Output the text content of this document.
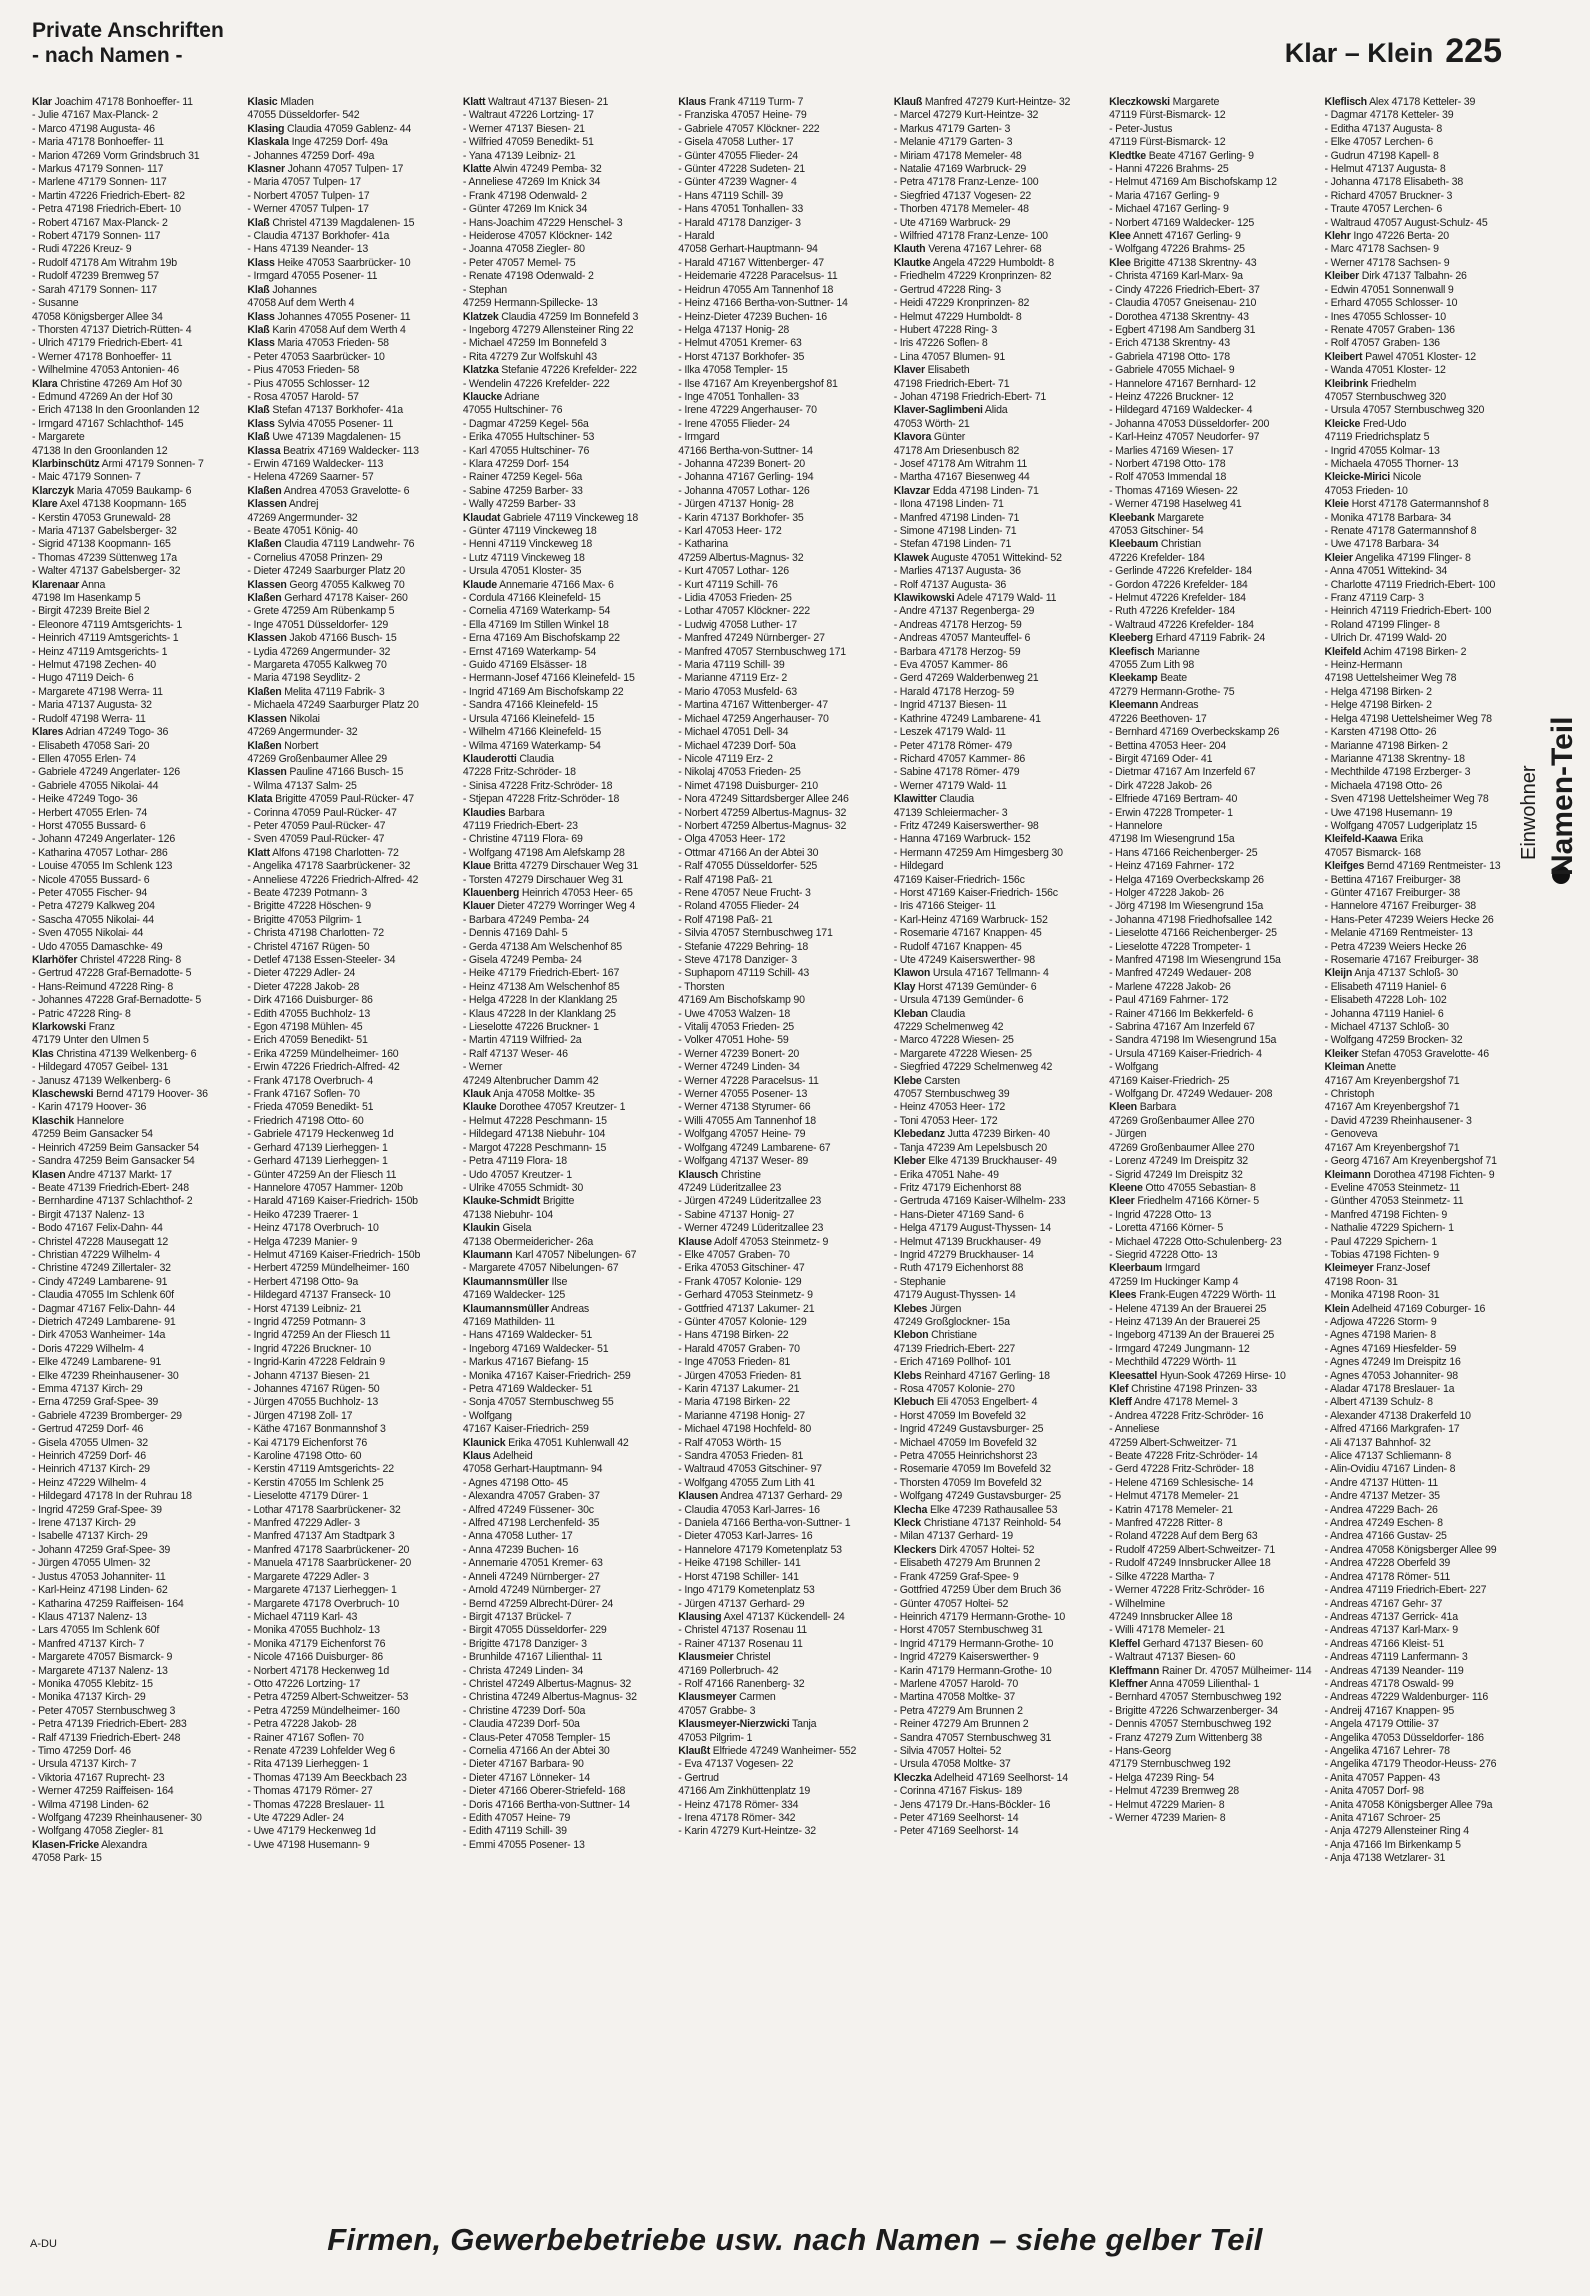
Private Anschriften
- nach Namen -	Klar – Klein 225
Klar Joachim 47178 Bonhoeffer- 11
- Julie 47167 Max-Planck- 2
- Marco 47198 Augusta- 46
- Maria 47178 Bonhoeffer- 11
- Marion 47269 Vorm Grindsbruch 31
- Markus 47179 Sonnen- 117
- Marlene 47179 Sonnen- 117
- Martin 47226 Friedrich-Ebert- 82
- Petra 47198 Friedrich-Ebert- 10
- Robert 47167 Max-Planck- 2
- Robert 47179 Sonnen- 117
- Rudi 47226 Kreuz- 9
- Rudolf 47178 Am Witrahm 19b
- Rudolf 47239 Bremweg 57
- Sarah 47179 Sonnen- 117
- Susanne
47058 Königsberger Allee 34
- Thorsten 47137 Dietrich-Rütten- 4
- Ulrich 47179 Friedrich-Ebert- 41
- Werner 47178 Bonhoeffer- 11
- Wilhelmine 47053 Antonien- 46
Klara Christine 47269 Am Hof 30
- Edmund 47269 An der Hof 30
- Erich 47138 In den Groonlanden 12
- Irmgard 47167 Schlachthof- 145
- Margarete
47138 In den Groonlanden 12
Klarbinschütz Armi 47179 Sonnen- 7
- Maic 47179 Sonnen- 7
Klarczyk Maria 47059 Baukamp- 6
Klare Axel 47138 Koopmann- 165
- Kerstin 47053 Grunewald- 28
- Maria 47137 Gabelsberger- 32
- Sigrid 47138 Koopmann- 165
- Thomas 47239 Süttenweg 17a
- Walter 47137 Gabelsberger- 32
Klarenaar Anna
47198 Im Hasenkamp 5
- Birgit 47239 Breite Biel 2
- Eleonore 47119 Amtsgerichts- 1
- Heinrich 47119 Amtsgerichts- 1
- Heinz 47119 Amtsgerichts- 1
- Helmut 47198 Zechen- 40
- Hugo 47119 Deich- 6
- Margarete 47198 Werra- 11
- Maria 47137 Augusta- 32
- Rudolf 47198 Werra- 11
Klares Adrian 47249 Togo- 36
- Elisabeth 47058 Sari- 20
- Ellen 47055 Erlen- 74
- Gabriele 47249 Angerlater- 126
- Gabriele 47055 Nikolai- 44
- Heike 47249 Togo- 36
- Herbert 47055 Erlen- 74
- Horst 47055 Bussard- 6
- Johann 47249 Angerlater- 126
- Katharina 47057 Lothar- 286
- Louise 47055 Im Schlenk 123
- Nicole 47055 Bussard- 6
- Peter 47055 Fischer- 94
- Petra 47279 Kalkweg 204
- Sascha 47055 Nikolai- 44
- Sven 47055 Nikolai- 44
- Udo 47055 Damaschke- 49
Klarhöfer Christel 47228 Ring- 8
- Gertrud 47228 Graf-Bernadotte- 5
- Hans-Reimund 47228 Ring- 8
- Johannes 47228 Graf-Bernadotte- 5
- Patric 47228 Ring- 8
Klarkowski Franz
47179 Unter den Ulmen 5
Klas Christina 47139 Welkenberg- 6
- Hildegard 47057 Geibel- 131
- Janusz 47139 Welkenberg- 6
Klaschewski Bernd 47179 Hoover- 36
- Karin 47179 Hoover- 36
Klaschik Hannelore
47259 Beim Gansacker 54
- Heinrich 47259 Beim Gansacker 54
- Sandra 47259 Beim Gansacker 54
Klasen Andre 47137 Markt- 17
- Beate 47139 Friedrich-Ebert- 248
- Bernhardine 47137 Schlachthof- 2
- Birgit 47137 Nalenz- 13
- Bodo 47167 Felix-Dahn- 44
- Christel 47228 Mausegatt 12
- Christian 47229 Wilhelm- 4
- Christine 47249 Zillertaler- 32
- Cindy 47249 Lambarene- 91
- Claudia 47055 Im Schlenk 60f
- Dagmar 47167 Felix-Dahn- 44
- Dietrich 47249 Lambarene- 91
- Dirk 47053 Wanheimer- 14a
- Doris 47229 Wilhelm- 4
- Elke 47249 Lambarene- 91
- Elke 47239 Rheinhausener- 30
- Emma 47137 Kirch- 29
- Erna 47259 Graf-Spee- 39
- Gabriele 47239 Bromberger- 29
- Gertrud 47259 Dorf- 46
- Gisela 47055 Ulmen- 32
- Heinrich 47259 Dorf- 46
- Heinrich 47137 Kirch- 29
- Heinz 47229 Wilhelm- 4
- Hildegard 47178 In der Ruhrau 18
- Ingrid 47259 Graf-Spee- 39
- Irene 47137 Kirch- 29
- Isabelle 47137 Kirch- 29
- Johann 47259 Graf-Spee- 39
- Jürgen 47055 Ulmen- 32
- Justus 47053 Johanniter- 11
- Karl-Heinz 47198 Linden- 62
- Katharina 47259 Raiffeisen- 164
- Klaus 47137 Nalenz- 13
- Lars 47055 Im Schlenk 60f
- Manfred 47137 Kirch- 7
- Margarete 47057 Bismarck- 9
- Margarete 47137 Nalenz- 13
- Monika 47055 Klebitz- 15
- Monika 47137 Kirch- 29
- Peter 47057 Sternbuschweg 3
- Petra 47139 Friedrich-Ebert- 283
- Ralf 47139 Friedrich-Ebert- 248
- Timo 47259 Dorf- 46
- Ursula 47137 Kirch- 7
- Viktoria 47167 Ruprecht- 23
- Werner 47259 Raiffeisen- 164
- Wilma 47198 Linden- 62
- Wolfgang 47239 Rheinhausener- 30
- Wolfgang 47058 Ziegler- 81
Klasen-Fricke Alexandra
47058 Park- 15
Klasic Mladen
47055 Düsseldorfer- 542
Klasing Claudia 47059 Gablenz- 44
Klaskala Inge 47259 Dorf- 49a
- Johannes 47259 Dorf- 49a
Klasner Johann 47057 Tulpen- 17
- Maria 47057 Tulpen- 17
- Norbert 47057 Tulpen- 17
- Werner 47057 Tulpen- 17
Klaß Christel 47139 Magdalenen- 15
- Claudia 47137 Borkhofer- 41a
- Hans 47139 Neander- 13
Klass Heike 47053 Saarbrücker- 10
- Irmgard 47055 Posener- 11
Klaß Johannes
47058 Auf dem Werth 4
Klass Johannes 47055 Posener- 11
Klaß Karin 47058 Auf dem Werth 4
Klass Maria 47053 Frieden- 58
- Peter 47053 Saarbrücker- 10
- Pius 47053 Frieden- 58
- Pius 47055 Schlosser- 12
- Rosa 47057 Harold- 57
Klaß Stefan 47137 Borkhofer- 41a
Klass Sylvia 47055 Posener- 11
Klaß Uwe 47139 Magdalenen- 15
Klassa Beatrix 47169 Waldecker- 113
- Erwin 47169 Waldecker- 113
- Helena 47269 Saarner- 57
Klaßen Andrea 47053 Gravelotte- 6
Klassen Andrej
47269 Angermunder- 32
- Beate 47051 König- 40
Klaßen Claudia 47119 Landwehr- 76
- Cornelius 47058 Prinzen- 29
- Dieter 47249 Saarburger Platz 20
Klassen Georg 47055 Kalkweg 70
Klaßen Gerhard 47178 Kaiser- 260
- Grete 47259 Am Rübenkamp 5
- Inge 47051 Düsseldorfer- 129
Klassen Jakob 47166 Busch- 15
- Lydia 47269 Angermunder- 32
- Margareta 47055 Kalkweg 70
- Maria 47198 Seydlitz- 2
Klaßen Melita 47119 Fabrik- 3
- Michaela 47249 Saarburger Platz 20
Klassen Nikolai
47269 Angermunder- 32
Klaßen Norbert
47269 Großenbaumer Allee 29
Klassen Pauline 47166 Busch- 15
- Wilma 47137 Salm- 25
Klata Brigitte 47059 Paul-Rücker- 47
- Corinna 47059 Paul-Rücker- 47
- Peter 47059 Paul-Rücker- 47
- Sven 47059 Paul-Rücker- 47
Klatt Alfons 47198 Charlotten- 72
- Angelika 47178 Saarbrückener- 32
- Anneliese 47226 Friedrich-Alfred- 42
- Beate 47239 Potmann- 3
- Brigitte 47228 Höschen- 9
- Brigitte 47053 Pilgrim- 1
- Christa 47198 Charlotten- 72
- Christel 47167 Rügen- 50
- Detlef 47138 Essen-Steeler- 34
- Dieter 47229 Adler- 24
- Dieter 47228 Jakob- 28
- Dirk 47166 Duisburger- 86
- Edith 47055 Buchholz- 13
- Egon 47198 Mühlen- 45
- Erich 47059 Benedikt- 51
- Erika 47259 Mündelheimer- 160
- Erwin 47226 Friedrich-Alfred- 42
- Frank 47178 Overbruch- 4
- Frank 47167 Soflen- 70
- Frieda 47059 Benedikt- 51
- Friedrich 47198 Otto- 60
- Gabriele 47179 Heckenweg 1d
- Gerhard 47139 Lierheggen- 1
- Gerhard 47139 Lierheggen- 1
- Günter 47259 An der Fliesch 11
- Hannelore 47057 Hammer- 120b
- Harald 47169 Kaiser-Friedrich- 150b
- Heiko 47239 Traerer- 1
- Heinz 47178 Overbruch- 10
- Helga 47239 Manier- 9
- Helmut 47169 Kaiser-Friedrich- 150b
- Herbert 47259 Mündelheimer- 160
- Herbert 47198 Otto- 9a
- Hildegard 47137 Franseck- 10
- Horst 47139 Leibniz- 21
- Ingrid 47259 Potmann- 3
- Ingrid 47259 An der Fliesch 11
- Ingrid 47226 Bruckner- 10
- Ingrid-Karin 47228 Feldrain 9
- Johann 47137 Biesen- 21
- Johannes 47167 Rügen- 50
- Jürgen 47055 Buchholz- 13
- Jürgen 47198 Zoll- 17
- Käthe 47167 Bonmannshof 3
- Kai 47179 Eichenforst 76
- Karoline 47198 Otto- 60
- Kerstin 47119 Amtsgerichts- 22
- Kerstin 47055 Im Schlenk 25
- Lieselotte 47179 Dürer- 1
- Lothar 47178 Saarbrückener- 32
- Manfred 47229 Adler- 3
- Manfred 47137 Am Stadtpark 3
- Manfred 47178 Saarbrückener- 20
- Manuela 47178 Saarbrückener- 20
- Margarete 47229 Adler- 3
- Margarete 47137 Lierheggen- 1
- Margarete 47178 Overbruch- 10
- Michael 47119 Karl- 43
- Monika 47055 Buchholz- 13
- Monika 47179 Eichenforst 76
- Nicole 47166 Duisburger- 86
- Norbert 47178 Heckenweg 1d
- Otto 47226 Lortzing- 17
- Petra 47259 Albert-Schweitzer- 53
- Petra 47259 Mündelheimer- 160
- Petra 47228 Jakob- 28
- Rainer 47167 Soflen- 70
- Renate 47239 Lohfelder Weg 6
- Rita 47139 Lierheggen- 1
- Thomas 47139 Am Beeckbach 23
- Thomas 47179 Römer- 27
- Thomas 47228 Breslauer- 11
- Ute 47229 Adler- 24
- Uwe 47179 Heckenweg 1d
- Uwe 47198 Husemann- 9
Klatt Waltraut 47137 Biesen- 21
- Waltraut 47226 Lortzing- 17
- Werner 47137 Biesen- 21
- Wilfried 47059 Benedikt- 51
- Yana 47139 Leibniz- 21
Klatte Alwin 47249 Pemba- 32
- Anneliese 47269 Im Knick 34
- Frank 47198 Odenwald- 2
- Günter 47269 Im Knick 34
- Hans-Joachim 47229 Henschel- 3
- Heiderose 47057 Klöckner- 142
- Joanna 47058 Ziegler- 80
- Peter 47057 Memel- 75
- Renate 47198 Odenwald- 2
- Stephan
47259 Hermann-Spillecke- 13
Klatzek Claudia 47259 Im Bonnefeld 3
- Ingeborg 47279 Allensteiner Ring 22
- Michael 47259 Im Bonnefeld 3
- Rita 47279 Zur Wolfskuhl 43
Klatzka Stefanie 47226 Krefelder- 222
- Wendelin 47226 Krefelder- 222
Klaucke Adriane
47055 Hultschiner- 76
- Dagmar 47259 Kegel- 56a
- Erika 47055 Hultschiner- 53
- Karl 47055 Hultschiner- 76
- Klara 47259 Dorf- 154
- Rainer 47259 Kegel- 56a
- Sabine 47259 Barber- 33
- Wally 47259 Barber- 33
Klaudat Gabriele 47119 Vinckeweg 18
- Günter 47119 Vinckeweg 18
- Henni 47119 Vinckeweg 18
- Lutz 47119 Vinckeweg 18
- Ursula 47051 Kloster- 35
Klaude Annemarie 47166 Max- 6
- Cordula 47166 Kleinefeld- 15
- Cornelia 47169 Waterkamp- 54
- Ella 47169 Im Stillen Winkel 18
- Erna 47169 Am Bischofskamp 22
- Ernst 47169 Waterkamp- 54
- Guido 47169 Elsässer- 18
- Hermann-Josef 47166 Kleinefeld- 15
- Ingrid 47169 Am Bischofskamp 22
- Sandra 47166 Kleinefeld- 15
- Ursula 47166 Kleinefeld- 15
- Wilhelm 47166 Kleinefeld- 15
- Wilma 47169 Waterkamp- 54
Klauderotti Claudia
47228 Fritz-Schröder- 18
- Sinisa 47228 Fritz-Schröder- 18
- Stjepan 47228 Fritz-Schröder- 18
Klaudies Barbara
47119 Friedrich-Ebert- 23
- Christine 47119 Flora- 69
- Wolfgang 47198 Am Alefskamp 28
Klaue Britta 47279 Dirschauer Weg 31
- Torsten 47279 Dirschauer Weg 31
Klauenberg Heinrich 47053 Heer- 65
Klauer Dieter 47279 Worringer Weg 4
- Barbara 47249 Pemba- 24
- Dennis 47169 Dahl- 5
- Gerda 47138 Am Welschenhof 85
- Gisela 47249 Pemba- 24
- Heike 47179 Friedrich-Ebert- 167
- Heinz 47138 Am Welschenhof 85
- Helga 47228 In der Klanklang 25
- Klaus 47228 In der Klanklang 25
- Lieselotte 47226 Bruckner- 1
- Martin 47119 Wilfried- 2a
- Ralf 47137 Weser- 46
- Werner
47249 Altenbrucher Damm 42
Klauk Anja 47058 Moltke- 35
Klauke Dorothee 47057 Kreutzer- 1
- Helmut 47228 Peschmann- 15
- Hildegard 47138 Niebuhr- 104
- Margot 47228 Peschmann- 15
- Petra 47119 Flora- 18
- Udo 47057 Kreutzer- 1
- Ulrike 47055 Schmidt- 30
Klauke-Schmidt Brigitte
47138 Niebuhr- 104
Klaukin Gisela
47138 Obermeidericher- 26a
Klaumann Karl 47057 Nibelungen- 67
- Margarete 47057 Nibelungen- 67
Klaumannsmüller Ilse
47169 Waldecker- 125
Klaumannsmüller Andreas
47169 Mathilden- 11
- Hans 47169 Waldecker- 51
- Ingeborg 47169 Waldecker- 51
- Markus 47167 Biefang- 15
- Monika 47167 Kaiser-Friedrich- 259
- Petra 47169 Waldecker- 51
- Sonja 47057 Sternbuschweg 55
- Wolfgang
47167 Kaiser-Friedrich- 259
Klaunick Erika 47051 Kuhlenwall 42
Klaus Adelheid
47058 Gerhart-Hauptmann- 94
- Agnes 47198 Otto- 45
- Alexandra 47057 Graben- 37
- Alfred 47249 Füssener- 30c
- Alfred 47198 Lerchenfeld- 35
- Anna 47058 Luther- 17
- Anna 47239 Buchen- 16
- Annemarie 47051 Kremer- 63
- Anneli 47249 Nürnberger- 27
- Arnold 47249 Nürnberger- 27
- Bernd 47259 Albrecht-Dürer- 24
- Birgit 47137 Brückel- 7
- Birgit 47055 Düsseldorfer- 229
- Brigitte 47178 Danziger- 3
- Brunhilde 47167 Lilienthal- 11
- Christa 47249 Linden- 34
- Christel 47249 Albertus-Magnus- 32
- Christina 47249 Albertus-Magnus- 32
- Christine 47239 Dorf- 50a
- Claudia 47239 Dorf- 50a
- Claus-Peter 47058 Templer- 15
- Cornelia 47166 An der Abtei 30
- Dieter 47167 Barbara- 90
- Dieter 47167 Lönneker- 14
- Dieter 47166 Oberer-Striefeld- 168
- Doris 47166 Bertha-von-Suttner- 14
- Edith 47057 Heine- 79
- Edith 47119 Schill- 39
- Emmi 47055 Posener- 13
Klaus Frank 47119 Turm- 7
- Franziska 47057 Heine- 79
- Gabriele 47057 Klöckner- 222
- Gisela 47058 Luther- 17
- Günter 47055 Flieder- 24
- Günter 47228 Sudeten- 21
- Günter 47239 Wagner- 4
- Hans 47119 Schill- 39
- Hans 47051 Tonhallen- 33
- Harald 47178 Danziger- 3
- Harald
47058 Gerhart-Hauptmann- 94
- Harald 47167 Wittenberger- 47
- Heidemarie 47228 Paracelsus- 11
- Heidrun 47055 Am Tannenhof 18
- Heinz 47166 Bertha-von-Suttner- 14
- Heinz-Dieter 47239 Buchen- 16
- Helga 47137 Honig- 28
- Helmut 47051 Kremer- 63
- Horst 47137 Borkhofer- 35
- Ilka 47058 Templer- 15
- Ilse 47167 Am Kreyenbergshof 81
- Inge 47051 Tonhallen- 33
- Irene 47229 Angerhauser- 70
- Irene 47055 Flieder- 24
- Irmgard
47166 Bertha-von-Suttner- 14
- Johanna 47239 Bonert- 20
- Johanna 47167 Gerling- 194
- Johanna 47057 Lothar- 126
- Jürgen 47137 Honig- 28
- Karin 47137 Borkhofer- 35
- Karl 47053 Heer- 172
- Katharina
47259 Albertus-Magnus- 32
- Kurt 47057 Lothar- 126
- Kurt 47119 Schill- 76
- Lidia 47053 Frieden- 25
- Lothar 47057 Klöckner- 222
- Ludwig 47058 Luther- 17
- Manfred 47249 Nürnberger- 27
- Manfred 47057 Sternbuschweg 171
- Maria 47119 Schill- 39
- Marianne 47119 Erz- 2
- Mario 47053 Musfeld- 63
- Martina 47167 Wittenberger- 47
- Michael 47259 Angerhauser- 70
- Michael 47051 Dell- 34
- Michael 47239 Dorf- 50a
- Nicole 47119 Erz- 2
- Nikolaj 47053 Frieden- 25
- Nimet 47198 Duisburger- 210
- Nora 47249 Sittardsberger Allee 246
- Norbert 47259 Albertus-Magnus- 32
- Norbert 47259 Albertus-Magnus- 32
- Olga 47053 Heer- 172
- Ottmar 47166 An der Abtei 30
- Ralf 47055 Düsseldorfer- 525
- Ralf 47198 Paß- 21
- Rene 47057 Neue Frucht- 3
- Roland 47055 Flieder- 24
- Rolf 47198 Paß- 21
- Silvia 47057 Sternbuschweg 171
- Stefanie 47229 Behring- 18
- Steve 47178 Danziger- 3
- Suphaporn 47119 Schill- 43
- Thorsten
47169 Am Bischofskamp 90
- Uwe 47053 Walzen- 18
- Vitalij 47053 Frieden- 25
- Volker 47051 Hohe- 59
- Werner 47239 Bonert- 20
- Werner 47249 Linden- 34
- Werner 47228 Paracelsus- 11
- Werner 47055 Posener- 13
- Werner 47138 Styrumer- 66
- Willi 47055 Am Tannenhof 18
- Wolfgang 47057 Heine- 79
- Wolfgang 47249 Lambarene- 67
- Wolfgang 47137 Weser- 89
Klausch Christine
47249 Lüderitzallee 23
- Jürgen 47249 Lüderitzallee 23
- Sabine 47137 Honig- 27
- Werner 47249 Lüderitzallee 23
Klause Adolf 47053 Steinmetz- 9
- Elke 47057 Graben- 70
- Erika 47053 Gitschiner- 47
- Frank 47057 Kolonie- 129
- Gerhard 47053 Steinmetz- 9
- Gottfried 47137 Lakumer- 21
- Günter 47057 Kolonie- 129
- Hans 47198 Birken- 22
- Harald 47057 Graben- 70
- Inge 47053 Frieden- 81
- Jürgen 47053 Frieden- 81
- Karin 47137 Lakumer- 21
- Maria 47198 Birken- 22
- Marianne 47198 Honig- 27
- Michael 47198 Hochfeld- 80
- Ralf 47053 Wörth- 15
- Sandra 47053 Frieden- 81
- Waltraud 47053 Gitschiner- 97
- Wolfgang 47055 Zum Lith 41
Klausen Andrea 47137 Gerhard- 29
- Claudia 47053 Karl-Jarres- 16
- Daniela 47166 Bertha-von-Suttner- 1
- Dieter 47053 Karl-Jarres- 16
- Hannelore 47179 Kometenplatz 53
- Heike 47198 Schiller- 141
- Horst 47198 Schiller- 141
- Ingo 47179 Kometenplatz 53
- Jürgen 47137 Gerhard- 29
Klausing Axel 47137 Kückendell- 24
- Christel 47137 Rosenau 11
- Rainer 47137 Rosenau 11
Klausmeier Christel
47169 Pollerbruch- 42
- Rolf 47166 Ranenberg- 32
Klausmeyer Carmen
47057 Grabbe- 3
Klausmeyer-Nierzwicki Tanja
47053 Pilgrim- 1
Klaußt Elfriede 47249 Wanheimer- 552
- Eva 47137 Vogesen- 22
- Gertrud
47166 Am Zinkhüttenplatz 19
- Heinz 47178 Römer- 334
- Irena 47178 Römer- 342
- Karin 47279 Kurt-Heintze- 32
Klauß Manfred 47279 Kurt-Heintze- 32
- Marcel 47279 Kurt-Heintze- 32
- Markus 47179 Garten- 3
- Melanie 47179 Garten- 3
- Miriam 47178 Memeler- 48
- Natalie 47169 Warbruck- 29
- Petra 47178 Franz-Lenze- 100
- Siegfried 47137 Vogesen- 22
- Thorben 47178 Memeler- 48
- Ute 47169 Warbruck- 29
- Wilfried 47178 Franz-Lenze- 100
Klauth Verena 47167 Lehrer- 68
Klautke Angela 47229 Humboldt- 8
- Friedhelm 47229 Kronprinzen- 82
- Gertrud 47228 Ring- 3
- Heidi 47229 Kronprinzen- 82
- Helmut 47229 Humboldt- 8
- Hubert 47228 Ring- 3
- Iris 47226 Soflen- 8
- Lina 47057 Blumen- 91
Klaver Elisabeth
47198 Friedrich-Ebert- 71
- Johan 47198 Friedrich-Ebert- 71
Klaver-Saglimbeni Alida
47053 Wörth- 21
Klavora Günter
47178 Am Driesenbusch 82
- Josef 47178 Am Witrahm 11
- Martha 47167 Biesenweg 44
Klavzar Edda 47198 Linden- 71
- Ilona 47198 Linden- 71
- Manfred 47198 Linden- 71
- Simone 47198 Linden- 71
- Stefan 47198 Linden- 71
Klawek Auguste 47051 Wittekind- 52
- Marlies 47137 Augusta- 36
- Rolf 47137 Augusta- 36
Klawikowski Adele 47179 Wald- 11
- Andre 47137 Regenberga- 29
- Andreas 47178 Herzog- 59
- Andreas 47057 Manteuffel- 6
- Barbara 47178 Herzog- 59
- Eva 47057 Kammer- 86
- Gerd 47269 Walderbenweg 21
- Harald 47178 Herzog- 59
- Ingrid 47137 Biesen- 11
- Kathrine 47249 Lambarene- 41
- Leszek 47179 Wald- 11
- Peter 47178 Römer- 479
- Richard 47057 Kammer- 86
- Sabine 47178 Römer- 479
- Werner 47179 Wald- 11
Klawitter Claudia
47139 Schleiermacher- 3
- Fritz 47249 Kaiserswerther- 98
- Hanna 47169 Warbruck- 152
- Hermann 47259 Am Himgesberg 30
- Hildegard
47169 Kaiser-Friedrich- 156c
- Horst 47169 Kaiser-Friedrich- 156c
- Iris 47166 Steiger- 11
- Karl-Heinz 47169 Warbruck- 152
- Rosemarie 47167 Knappen- 45
- Rudolf 47167 Knappen- 45
- Ute 47249 Kaiserswerther- 98
Klawon Ursula 47167 Tellmann- 4
Klay Horst 47139 Gemünder- 6
- Ursula 47139 Gemünder- 6
Kleban Claudia
47229 Schelmenweg 42
- Marco 47228 Wiesen- 25
- Margarete 47228 Wiesen- 25
- Siegfried 47229 Schelmenweg 42
Klebe Carsten
47057 Sternbuschweg 39
- Heinz 47053 Heer- 172
- Toni 47053 Heer- 172
Klebedanz Jutta 47239 Birken- 40
- Tanja 47239 Am Lepelsbusch 20
Kleber Elke 47139 Bruckhauser- 49
- Erika 47051 Nahe- 49
- Fritz 47179 Eichenhorst 88
- Gertruda 47169 Kaiser-Wilhelm- 233
- Hans-Dieter 47169 Sand- 6
- Helga 47179 August-Thyssen- 14
- Helmut 47139 Bruckhauser- 49
- Ingrid 47279 Bruckhauser- 14
- Ruth 47179 Eichenhorst 88
- Stephanie
47179 August-Thyssen- 14
Klebes Jürgen
47249 Großglockner- 15a
Klebon Christiane
47139 Friedrich-Ebert- 227
- Erich 47169 Pollhof- 101
Klebs Reinhard 47167 Gerling- 18
- Rosa 47057 Kolonie- 270
Klebuch Eli 47053 Engelbert- 4
- Horst 47059 Im Bovefeld 32
- Ingrid 47249 Gustavsburger- 25
- Michael 47059 Im Bovefeld 32
- Petra 47055 Heinrichshorst 23
- Rosemarie 47059 Im Bovefeld 32
- Thorsten 47059 Im Bovefeld 32
- Wolfgang 47249 Gustavsburger- 25
Klecha Elke 47239 Rathausallee 53
Kleck Christiane 47137 Reinhold- 54
- Milan 47137 Gerhard- 19
Kleckers Dirk 47057 Holtei- 52
- Elisabeth 47279 Am Brunnen 2
- Frank 47259 Graf-Spee- 9
- Gottfried 47259 Über dem Bruch 36
- Günter 47057 Holtei- 52
- Heinrich 47179 Hermann-Grothe- 10
- Horst 47057 Sternbuschweg 31
- Ingrid 47179 Hermann-Grothe- 10
- Ingrid 47279 Kaiserswerther- 9
- Karin 47179 Hermann-Grothe- 10
- Marlene 47057 Harold- 70
- Martina 47058 Moltke- 37
- Petra 47279 Am Brunnen 2
- Reiner 47279 Am Brunnen 2
- Sandra 47057 Sternbuschweg 31
- Silvia 47057 Holtei- 52
- Ursula 47058 Moltke- 37
Kleczka Adelheid 47169 Seelhorst- 14
- Corinna 47167 Fiskus- 189
- Jens 47179 Dr.-Hans-Böckler- 16
- Peter 47169 Seelhorst- 14
- Peter 47169 Seelhorst- 14
Kleczkowski Margarete
47119 Fürst-Bismarck- 12
- Peter-Justus
47119 Fürst-Bismarck- 12
Kledtke Beate 47167 Gerling- 9
- Hanni 47226 Brahms- 25
- Helmut 47169 Am Bischofskamp 12
- Maria 47167 Gerling- 9
- Michael 47167 Gerling- 9
- Norbert 47169 Waldecker- 125
Klee Annett 47167 Gerling- 9
- Wolfgang 47226 Brahms- 25
Klee Brigitte 47138 Skrentny- 43
- Christa 47169 Karl-Marx- 9a
- Cindy 47226 Friedrich-Ebert- 37
- Claudia 47057 Gneisenau- 210
- Dorothea 47138 Skrentny- 43
- Egbert 47198 Am Sandberg 31
- Erich 47138 Skrentny- 43
- Gabriela 47198 Otto- 178
- Gabriele 47055 Michael- 9
- Hannelore 47167 Bernhard- 12
- Heinz 47226 Bruckner- 12
- Hildegard 47169 Waldecker- 4
- Johanna 47053 Düsseldorfer- 200
- Karl-Heinz 47057 Neudorfer- 97
- Marlies 47169 Wiesen- 17
- Norbert 47198 Otto- 178
- Rolf 47053 Immendal 18
- Thomas 47169 Wiesen- 22
- Werner 47198 Haselweg 41
Kleebank Margarete
47053 Gitschiner- 54
Kleebaum Christian
47226 Krefelder- 184
- Gerlinde 47226 Krefelder- 184
- Gordon 47226 Krefelder- 184
- Helmut 47226 Krefelder- 184
- Ruth 47226 Krefelder- 184
- Waltraud 47226 Krefelder- 184
Kleeberg Erhard 47119 Fabrik- 24
Kleefisch Marianne
47055 Zum Lith 98
Kleekamp Beate
47279 Hermann-Grothe- 75
Kleemann Andreas
47226 Beethoven- 17
- Bernhard 47169 Overbeckskamp 26
- Bettina 47053 Heer- 204
- Birgit 47169 Oder- 41
- Dietmar 47167 Am Inzerfeld 67
- Dirk 47228 Jakob- 26
- Elfriede 47169 Bertram- 40
- Erwin 47228 Trompeter- 1
- Hannelore
47198 Im Wiesengrund 15a
- Hans 47166 Reichenberger- 25
- Heinz 47169 Fahrner- 172
- Helga 47169 Overbeckskamp 26
- Holger 47228 Jakob- 26
- Jörg 47198 Im Wiesengrund 15a
- Johanna 47198 Friedhofsallee 142
- Lieselotte 47166 Reichenberger- 25
- Lieselotte 47228 Trompeter- 1
- Manfred 47198 Im Wiesengrund 15a
- Manfred 47249 Wedauer- 208
- Marlene 47228 Jakob- 26
- Paul 47169 Fahrner- 172
- Rainer 47166 Im Bekkerfeld- 6
- Sabrina 47167 Am Inzerfeld 67
- Sandra 47198 Im Wiesengrund 15a
- Ursula 47169 Kaiser-Friedrich- 4
- Wolfgang
47169 Kaiser-Friedrich- 25
- Wolfgang Dr. 47249 Wedauer- 208
Kleen Barbara
47269 Großenbaumer Allee 270
- Jürgen
47269 Großenbaumer Allee 270
- Lorenz 47249 Im Dreispitz 32
- Sigrid 47249 Im Dreispitz 32
Kleene Otto 47055 Sebastian- 8
Kleer Friedhelm 47166 Körner- 5
- Ingrid 47228 Otto- 13
- Loretta 47166 Körner- 5
- Michael 47228 Otto-Schulenberg- 23
- Siegrid 47228 Otto- 13
Kleerbaum Irmgard
47259 Im Huckinger Kamp 4
Klees Frank-Eugen 47229 Wörth- 11
- Helene 47139 An der Brauerei 25
- Heinz 47139 An der Brauerei 25
- Ingeborg 47139 An der Brauerei 25
- Irmgard 47249 Jungmann- 12
- Mechthild 47229 Wörth- 11
Kleesattel Hyun-Sook 47269 Hirse- 10
Klef Christine 47198 Prinzen- 33
Kleff Andre 47178 Memel- 3
- Andrea 47228 Fritz-Schröder- 16
- Anneliese
47259 Albert-Schweitzer- 71
- Beate 47228 Fritz-Schröder- 14
- Gerd 47228 Fritz-Schröder- 18
- Helene 47169 Schlesische- 14
- Helmut 47178 Memeler- 21
- Katrin 47178 Memeler- 21
- Manfred 47228 Ritter- 8
- Roland 47228 Auf dem Berg 63
- Rudolf 47259 Albert-Schweitzer- 71
- Rudolf 47249 Innsbrucker Allee 18
- Silke 47228 Martha- 7
- Werner 47228 Fritz-Schröder- 16
- Wilhelmine
47249 Innsbrucker Allee 18
- Willi 47178 Memeler- 21
Kleffel Gerhard 47137 Biesen- 60
- Waltraut 47137 Biesen- 60
Kleffmann Rainer Dr. 47057 Mülheimer- 114
Kleffner Anna 47059 Lilienthal- 1
- Bernhard 47057 Sternbuschweg 192
- Brigitte 47226 Schwarzenberger- 34
- Dennis 47057 Sternbuschweg 192
- Franz 47279 Zum Wittenberg 38
- Hans-Georg
47179 Sternbuschweg 192
- Helga 47239 Ring- 54
- Helmut 47239 Bremweg 28
- Helmut 47229 Marien- 8
- Werner 47239 Marien- 8
Kleflisch Alex 47178 Ketteler- 39
- Dagmar 47178 Ketteler- 39
- Editha 47137 Augusta- 8
- Elke 47057 Lerchen- 6
- Gudrun 47198 Kapell- 8
- Helmut 47137 Augusta- 8
- Johanna 47178 Elisabeth- 38
- Richard 47057 Bruckner- 3
- Traute 47057 Lerchen- 6
- Waltraud 47057 August-Schulz- 45
Klehr Ingo 47226 Berta- 20
- Marc 47178 Sachsen- 9
- Werner 47178 Sachsen- 9
Kleiber Dirk 47137 Talbahn- 26
- Edwin 47051 Sonnenwall 9
- Erhard 47055 Schlosser- 10
- Ines 47055 Schlosser- 10
- Renate 47057 Graben- 136
- Rolf 47057 Graben- 136
Kleibert Pawel 47051 Kloster- 12
- Wanda 47051 Kloster- 12
Kleibrink Friedhelm
47057 Sternbuschweg 320
- Ursula 47057 Sternbuschweg 320
Kleicke Fred-Udo
47119 Friedrichsplatz 5
- Ingrid 47055 Kolmar- 13
- Michaela 47055 Thorner- 13
Kleicke-Mirici Nicole
47053 Frieden- 10
Kleie Horst 47178 Gatermannshof 8
- Monika 47178 Barbara- 34
- Renate 47178 Gatermannshof 8
- Uwe 47178 Barbara- 34
Kleier Angelika 47199 Flinger- 8
- Anna 47051 Wittekind- 34
- Charlotte 47119 Friedrich-Ebert- 100
- Franz 47119 Carp- 3
- Heinrich 47119 Friedrich-Ebert- 100
- Roland 47199 Flinger- 8
- Ulrich Dr. 47199 Wald- 20
Kleifeld Achim 47198 Birken- 2
- Heinz-Hermann
47198 Uettelsheimer Weg 78
- Helga 47198 Birken- 2
- Helge 47198 Birken- 2
- Helga 47198 Uettelsheimer Weg 78
- Karsten 47198 Otto- 26
- Marianne 47198 Birken- 2
- Marianne 47138 Skrentny- 18
- Mechthilde 47198 Erzberger- 3
- Michaela 47198 Otto- 26
- Sven 47198 Uettelsheimer Weg 78
- Uwe 47198 Husemann- 19
- Wolfgang 47057 Ludgeriplatz 15
Kleifeld-Kaawa Erika
47057 Bismarck- 168
Kleifges Bernd 47169 Rentmeister- 13
- Bettina 47167 Freiburger- 38
- Günter 47167 Freiburger- 38
- Hannelore 47167 Freiburger- 38
- Hans-Peter 47239 Weiers Hecke 26
- Melanie 47169 Rentmeister- 13
- Petra 47239 Weiers Hecke 26
- Rosemarie 47167 Freiburger- 38
Kleijn Anja 47137 Schloß- 30
- Elisabeth 47119 Haniel- 6
- Elisabeth 47228 Loh- 102
- Johanna 47119 Haniel- 6
- Michael 47137 Schloß- 30
- Wolfgang 47259 Brocken- 32
Kleiker Stefan 47053 Gravelotte- 46
Kleiman Anette
47167 Am Kreyenbergshof 71
- Christoph
47167 Am Kreyenbergshof 71
- David 47239 Rheinhausener- 3
- Genoveva
47167 Am Kreyenbergshof 71
- Georg 47167 Am Kreyenbergshof 71
Kleimann Dorothea 47198 Fichten- 9
- Eveline 47053 Steinmetz- 11
- Günther 47053 Steinmetz- 11
- Manfred 47198 Fichten- 9
- Nathalie 47229 Spichern- 1
- Paul 47229 Spichern- 1
- Tobias 47198 Fichten- 9
Kleimeyer Franz-Josef
47198 Roon- 31
- Monika 47198 Roon- 31
Klein Adelheid 47169 Coburger- 16
- Adjowa 47226 Storm- 9
- Agnes 47198 Marien- 8
- Agnes 47169 Hiesfelder- 59
- Agnes 47249 Im Dreispitz 16
- Agnes 47053 Johanniter- 98
- Aladar 47178 Breslauer- 1a
- Albert 47139 Schulz- 8
- Alexander 47138 Drakerfeld 10
- Alfred 47166 Markgrafen- 17
- Ali 47137 Bahnhof- 32
- Alice 47137 Schliemann- 8
- Alin-Ovidiu 47167 Linden- 8
- Andre 47137 Hütten- 11
- Andre 47137 Metzer- 35
- Andrea 47229 Bach- 26
- Andrea 47249 Eschen- 8
- Andrea 47166 Gustav- 25
- Andrea 47058 Königsberger Allee 99
- Andrea 47228 Oberfeld 39
- Andrea 47178 Römer- 511
- Andrea 47119 Friedrich-Ebert- 227
- Andreas 47167 Gehr- 37
- Andreas 47137 Gerrick- 41a
- Andreas 47137 Karl-Marx- 9
- Andreas 47166 Kleist- 51
- Andreas 47119 Lanfermann- 3
- Andreas 47139 Neander- 119
- Andreas 47178 Oswald- 99
- Andreas 47229 Waldenburger- 116
- Andreij 47167 Knappen- 95
- Angela 47179 Ottilie- 37
- Angelika 47053 Düsseldorfer- 186
- Angelika 47167 Lehrer- 78
- Angelika 47179 Theodor-Heuss- 276
- Anita 47057 Pappen- 43
- Anita 47057 Dorf- 98
- Anita 47058 Königsberger Allee 79a
- Anita 47167 Schroer- 25
- Anja 47279 Allensteiner Ring 4
- Anja 47166 Im Birkenkamp 5
- Anja 47138 Wetzlarer- 31
Einwohner Namen-Teil
A-DU	Firmen, Gewerbebetriebe usw. nach Namen – siehe gelber Teil
